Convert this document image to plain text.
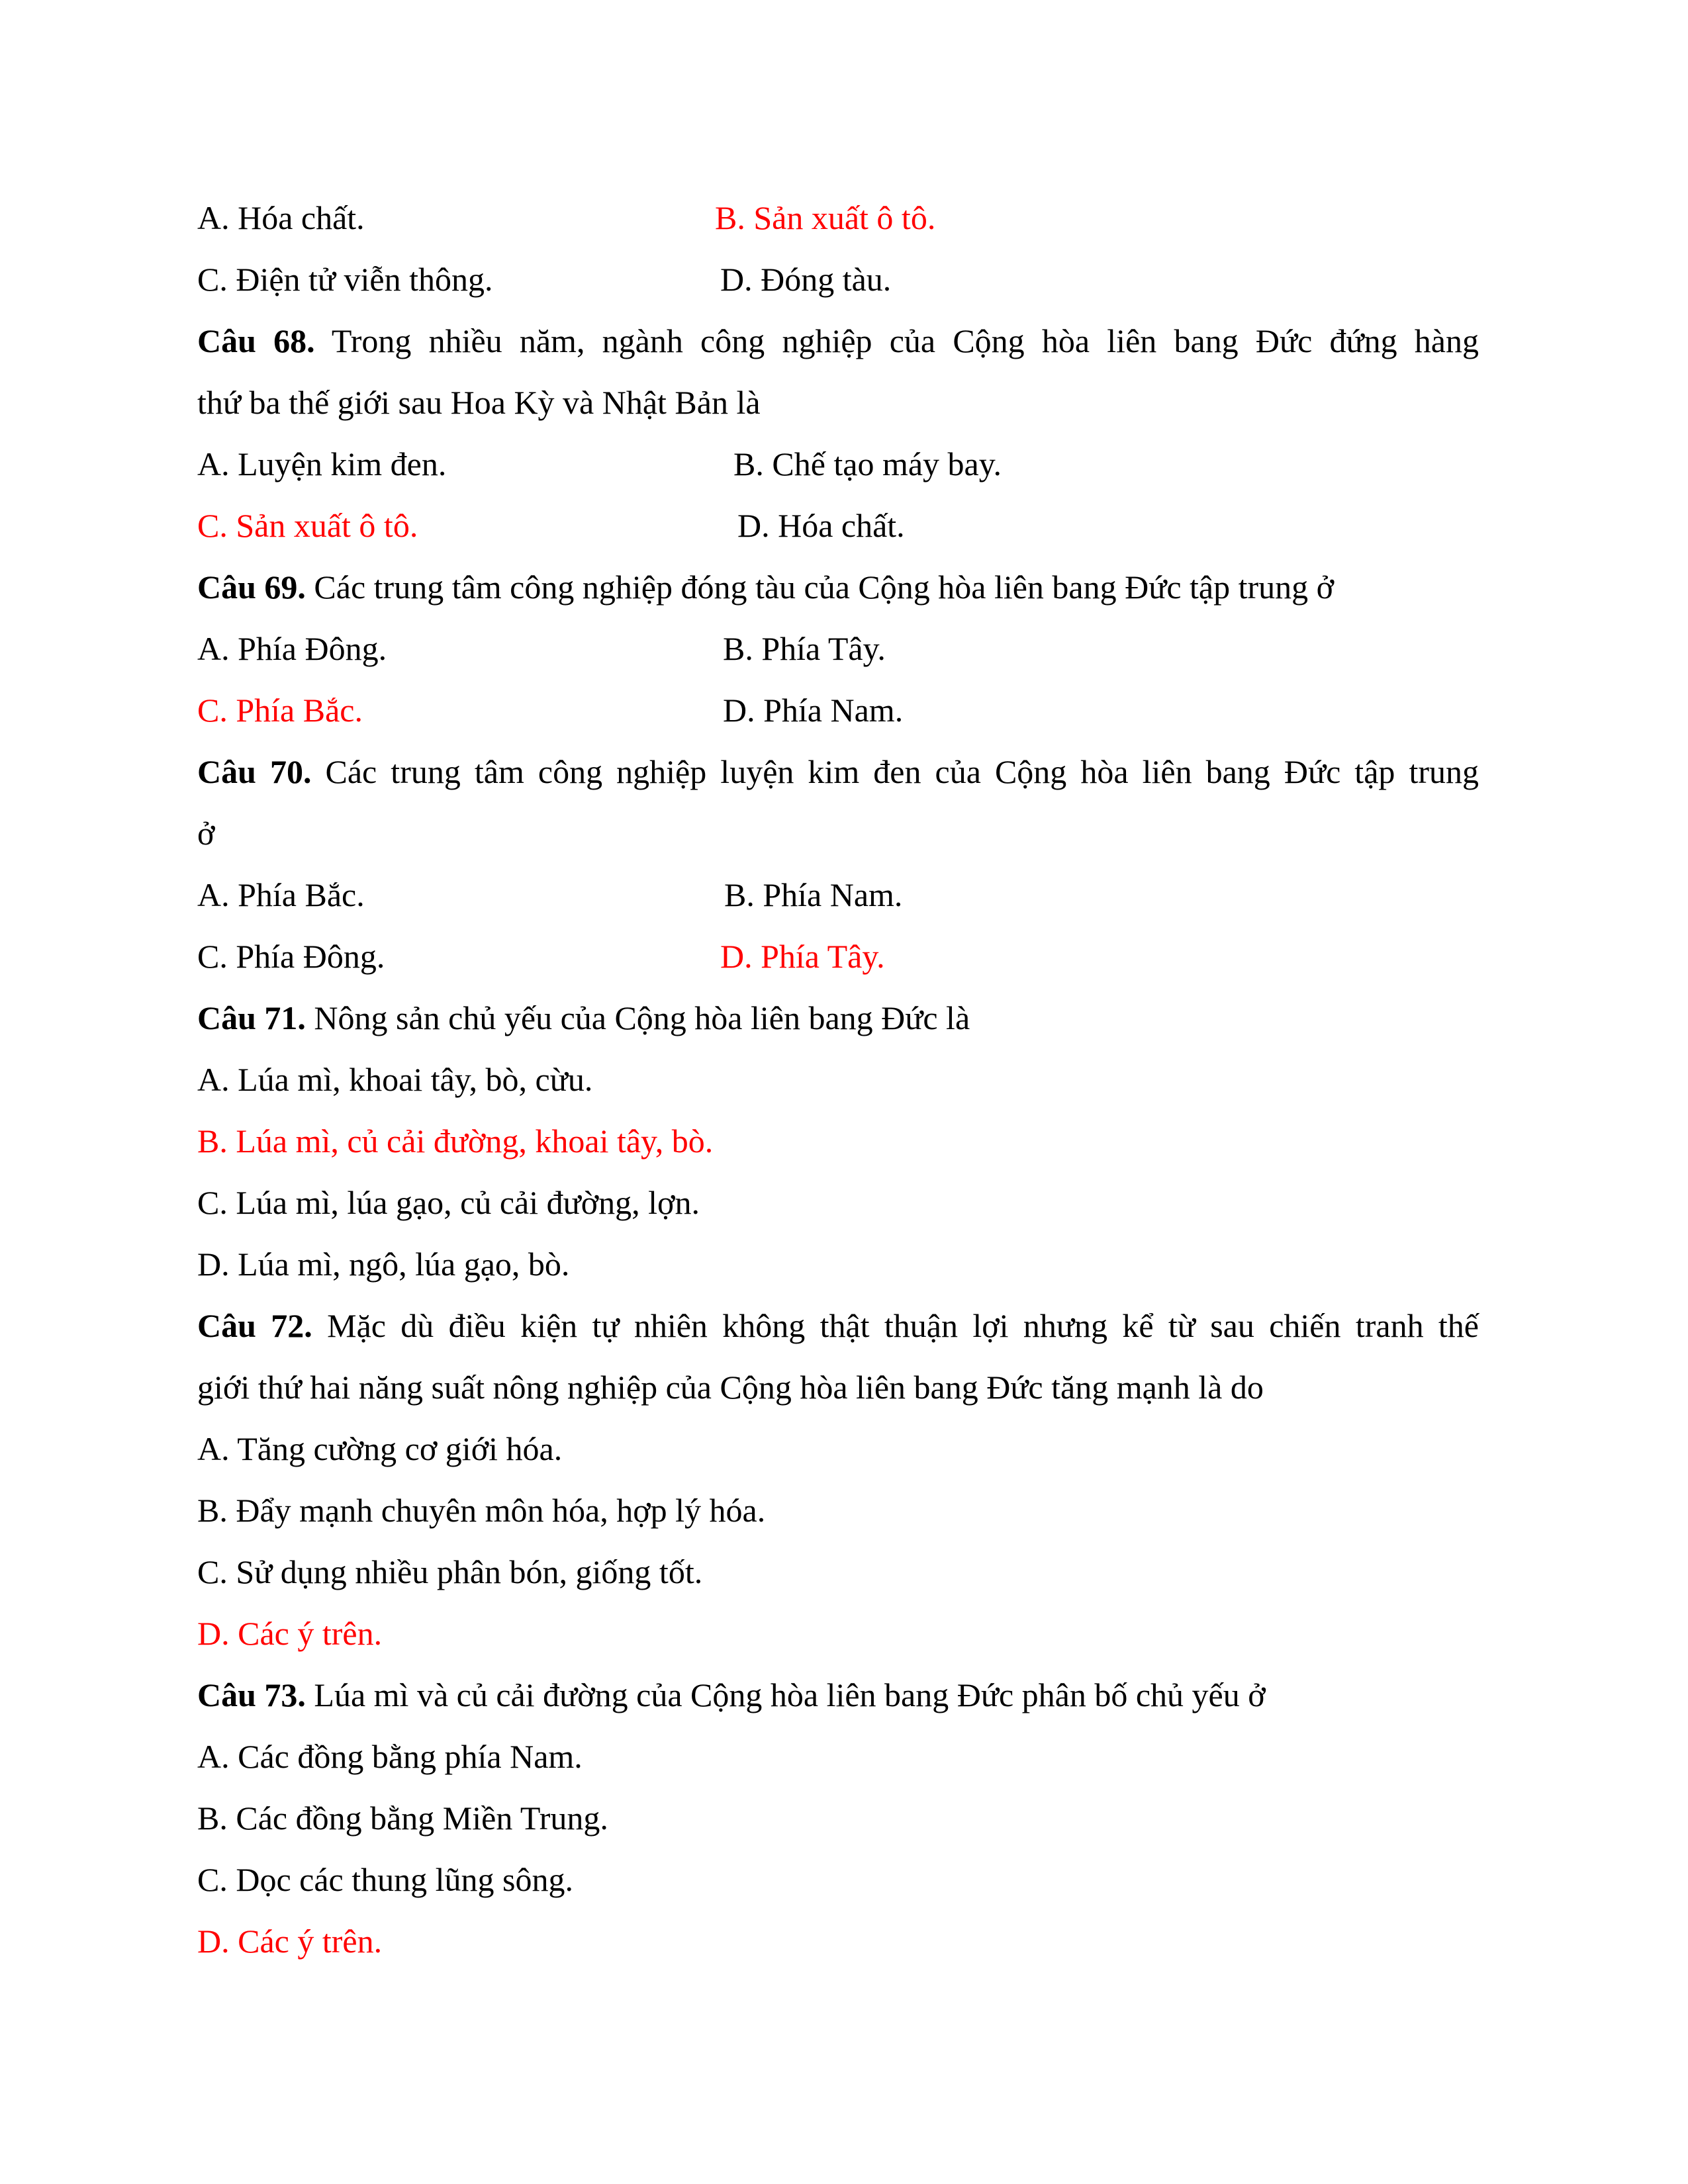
A. Hóa chất.	B. Sản xuất ô tô.
C. Điện tử viễn thông.	D. Đóng tàu.
Câu 68. Trong nhiều năm, ngành công nghiệp của Cộng hòa liên bang Đức đứng hàng
thứ ba thế giới sau Hoa Kỳ và Nhật Bản là
A. Luyện kim đen.	B. Chế tạo máy bay.
C. Sản xuất ô tô.	D. Hóa chất.
Câu 69. Các trung tâm công nghiệp đóng tàu của Cộng hòa liên bang Đức tập trung ở
A. Phía Đông.	B. Phía Tây.
C. Phía Bắc.	D. Phía Nam.
Câu 70. Các trung tâm công nghiệp luyện kim đen của Cộng hòa liên bang Đức tập trung
ở
A. Phía Bắc.	B. Phía Nam.
C. Phía Đông.	D. Phía Tây.
Câu 71. Nông sản chủ yếu của Cộng hòa liên bang Đức là
A. Lúa mì, khoai tây, bò, cừu.
B. Lúa mì, củ cải đường, khoai tây, bò.
C. Lúa mì, lúa gạo, củ cải đường, lợn.
D. Lúa mì, ngô, lúa gạo, bò.
Câu 72. Mặc dù điều kiện tự nhiên không thật thuận lợi nhưng kể từ sau chiến tranh thế
giới thứ hai năng suất nông nghiệp của Cộng hòa liên bang Đức tăng mạnh là do
A. Tăng cường cơ giới hóa.
B. Đẩy mạnh chuyên môn hóa, hợp lý hóa.
C. Sử dụng nhiều phân bón, giống tốt.
D. Các ý trên.
Câu 73. Lúa mì và củ cải đường của Cộng hòa liên bang Đức phân bố chủ yếu ở
A. Các đồng bằng phía Nam.
B. Các đồng bằng Miền Trung.
C. Dọc các thung lũng sông.
D. Các ý trên.
